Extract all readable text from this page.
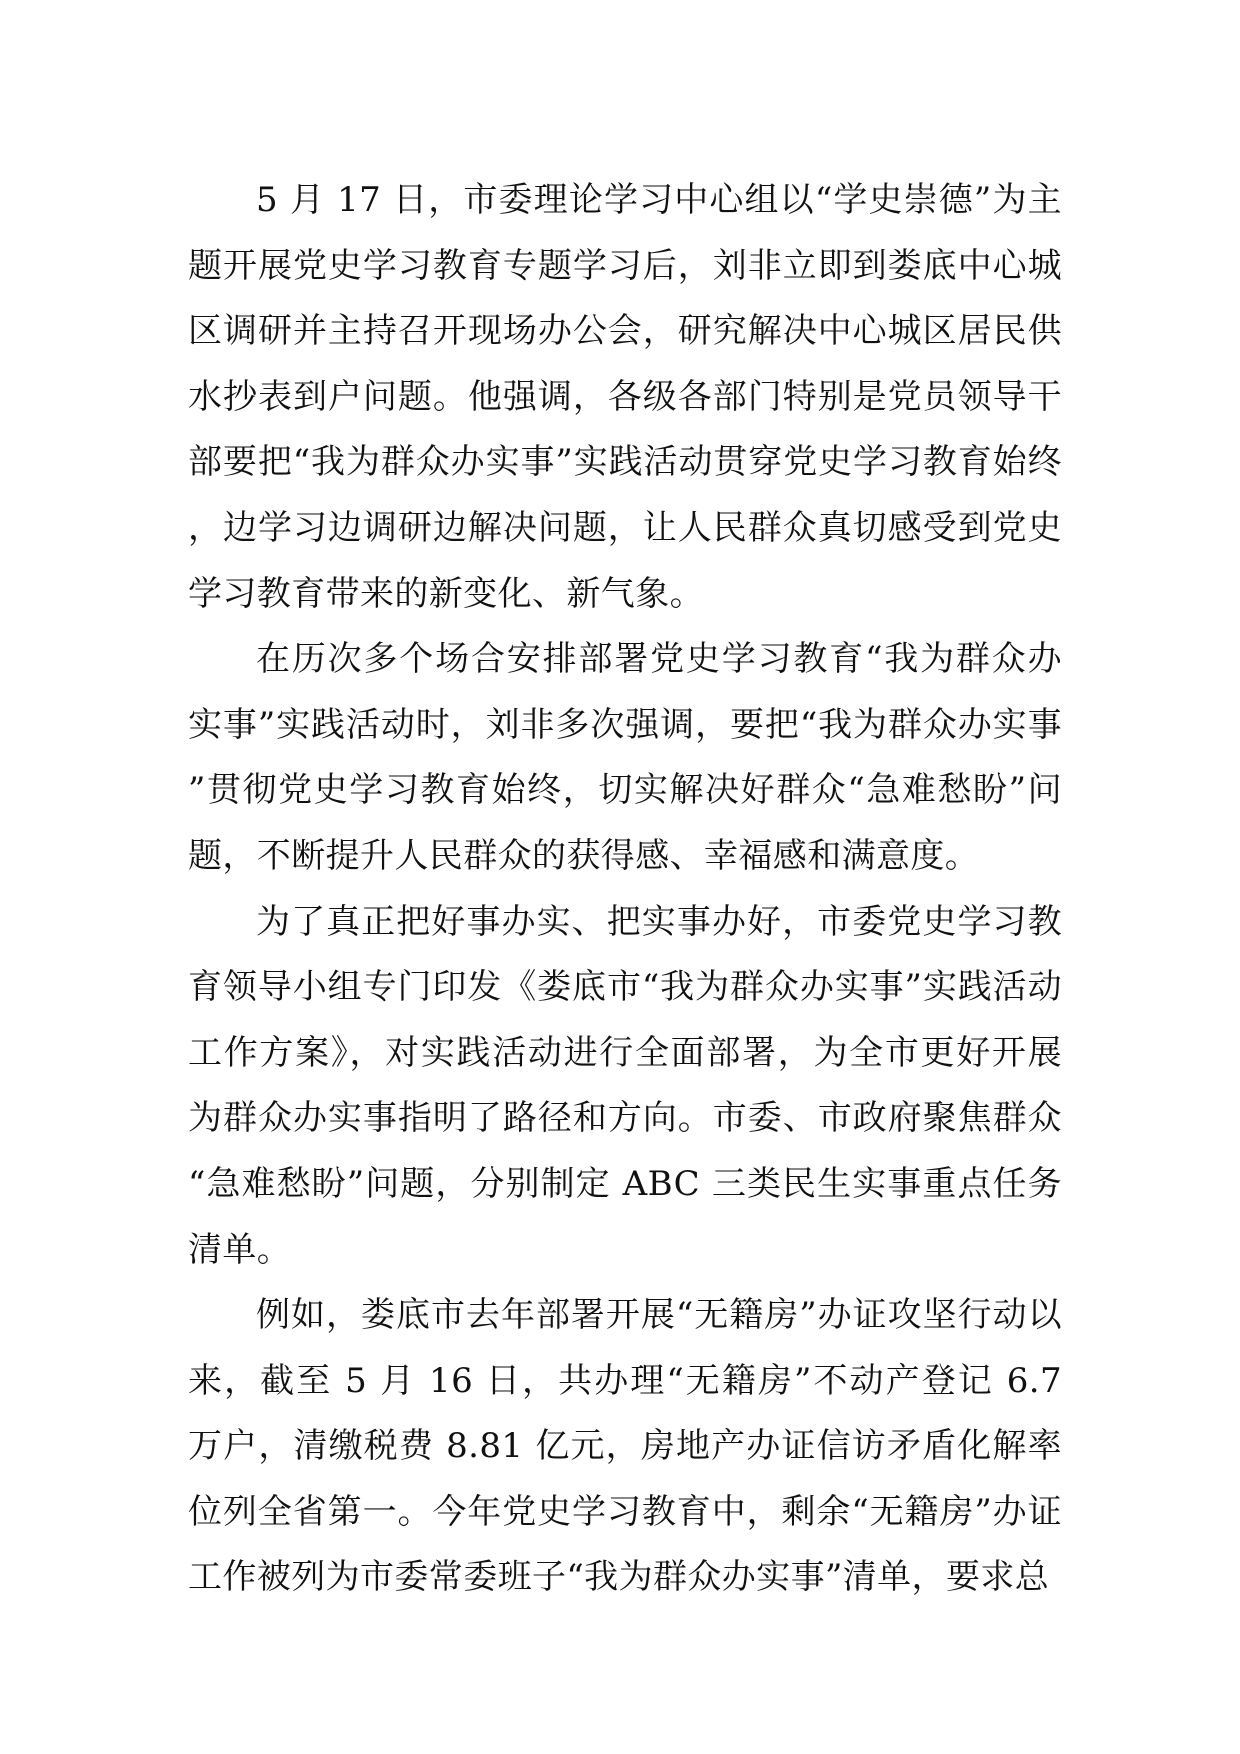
5 月 17 日，市委理论学习中心组以“学史崇德”为主题开展党史学习教育专题学习后，刘非立即到娄底中心城区调研并主持召开现场办公会，研究解决中心城区居民供水抄表到户问题。他强调，各级各部门特别是党员领导干部要把“我为群众办实事”实践活动贯穿党史学习教育始终，边学习边调研边解决问题，让人民群众真切感受到党史学习教育带来的新变化、新气象。

在历次多个场合安排部署党史学习教育“我为群众办实事”实践活动时，刘非多次强调，要把“我为群众办实事”贯彻党史学习教育始终，切实解决好群众“急难愁盼”问题，不断提升人民群众的获得感、幸福感和满意度。

为了真正把好事办实、把实事办好，市委党史学习教育领导小组专门印发《娄底市“我为群众办实事”实践活动工作方案》，对实践活动进行全面部署，为全市更好开展为群众办实事指明了路径和方向。市委、市政府聚焦群众“急难愁盼”问题，分别制定 ABC 三类民生实事重点任务清单。

例如，娄底市去年部署开展“无籍房”办证攻坚行动以来，截至 5 月 16 日，共办理“无籍房”不动产登记 6.7 万户，清缴税费 8.81 亿元，房地产办证信访矛盾化解率位列全省第一。今年党史学习教育中，剩余“无籍房”办证工作被列为市委常委班子“我为群众办实事”清单，要求总
